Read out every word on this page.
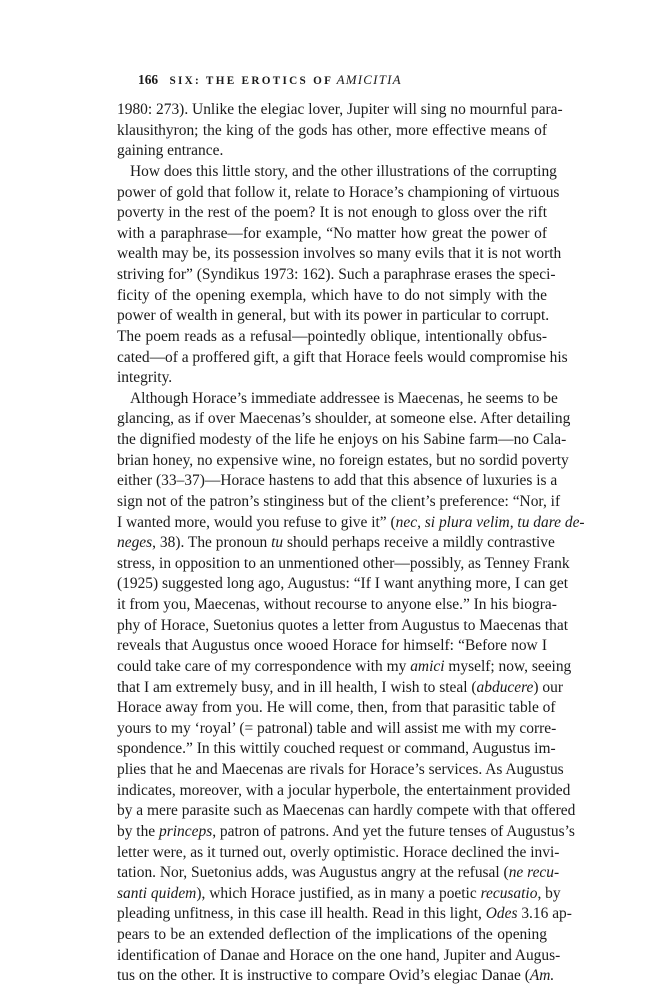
166 SIX: THE EROTICS OF AMICITIA
1980: 273). Unlike the elegiac lover, Jupiter will sing no mournful para-
klausithyron; the king of the gods has other, more effective means of
gaining entrance.
How does this little story, and the other illustrations of the corrupting
power of gold that follow it, relate to Horace’s championing of virtuous
poverty in the rest of the poem? It is not enough to gloss over the rift
with a paraphrase—for example, “No matter how great the power of
wealth may be, its possession involves so many evils that it is not worth
striving for” (Syndikus 1973: 162). Such a paraphrase erases the speci-
ficity of the opening exempla, which have to do not simply with the
power of wealth in general, but with its power in particular to corrupt.
The poem reads as a refusal—pointedly oblique, intentionally obfus-
cated—of a proffered gift, a gift that Horace feels would compromise his
integrity.
Although Horace’s immediate addressee is Maecenas, he seems to be
glancing, as if over Maecenas’s shoulder, at someone else. After detailing
the dignified modesty of the life he enjoys on his Sabine farm—no Cala-
brian honey, no expensive wine, no foreign estates, but no sordid poverty
either (33–37)—Horace hastens to add that this absence of luxuries is a
sign not of the patron’s stinginess but of the client’s preference: “Nor, if
I wanted more, would you refuse to give it” (nec, si plura velim, tu dare de-
neges, 38). The pronoun tu should perhaps receive a mildly contrastive
stress, in opposition to an unmentioned other—possibly, as Tenney Frank
(1925) suggested long ago, Augustus: “If I want anything more, I can get
it from you, Maecenas, without recourse to anyone else.” In his biogra-
phy of Horace, Suetonius quotes a letter from Augustus to Maecenas that
reveals that Augustus once wooed Horace for himself: “Before now I
could take care of my correspondence with my amici myself; now, seeing
that I am extremely busy, and in ill health, I wish to steal (abducere) our
Horace away from you. He will come, then, from that parasitic table of
yours to my ‘royal’ (= patronal) table and will assist me with my corre-
spondence.” In this wittily couched request or command, Augustus im-
plies that he and Maecenas are rivals for Horace’s services. As Augustus
indicates, moreover, with a jocular hyperbole, the entertainment provided
by a mere parasite such as Maecenas can hardly compete with that offered
by the princeps, patron of patrons. And yet the future tenses of Augustus’s
letter were, as it turned out, overly optimistic. Horace declined the invi-
tation. Nor, Suetonius adds, was Augustus angry at the refusal (ne recu-
santi quidem), which Horace justified, as in many a poetic recusatio, by
pleading unfitness, in this case ill health. Read in this light, Odes 3.16 ap-
pears to be an extended deflection of the implications of the opening
identification of Danae and Horace on the one hand, Jupiter and Augus-
tus on the other. It is instructive to compare Ovid’s elegiac Danae (Am.
